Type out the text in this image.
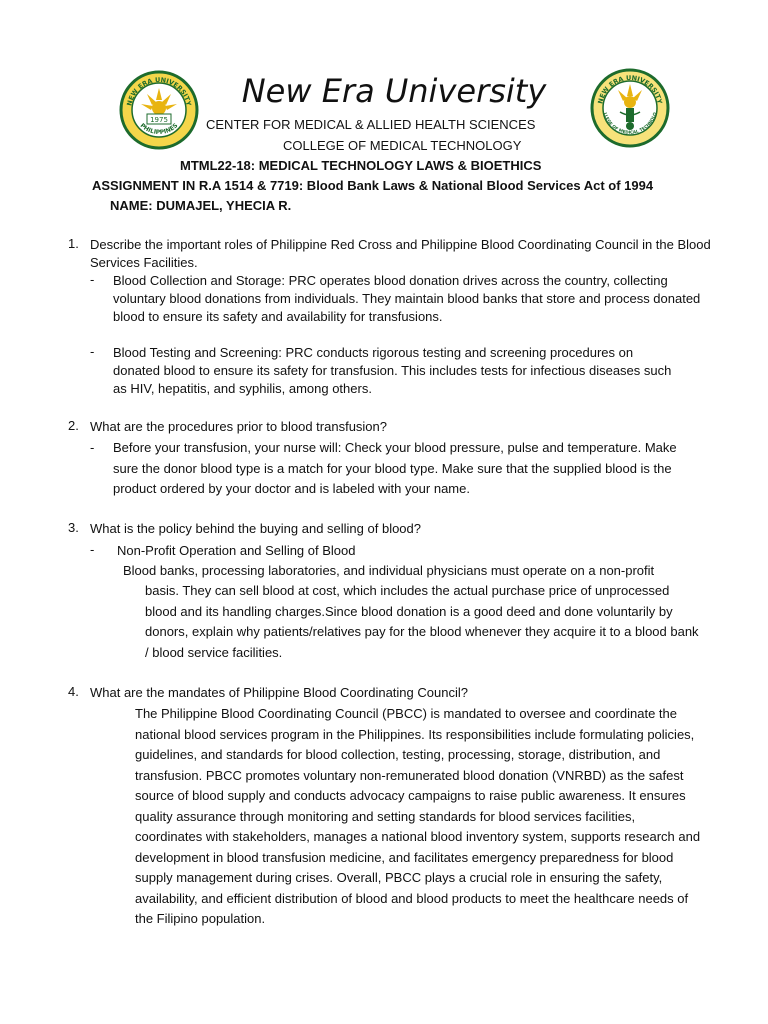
1975
NEW ERA UNIVERSITY
PHILIPPINES
NEW ERA UNIVERSITY
LLEGE OF MEDICAL TECHNOLO
New Era University
CENTER FOR MEDICAL & ALLIED HEALTH SCIENCES
COLLEGE OF MEDICAL TECHNOLOGY
MTML22-18: MEDICAL TECHNOLOGY LAWS & BIOETHICS
ASSIGNMENT IN R.A 1514 & 7719: Blood Bank Laws & National Blood Services Act of 1994
NAME: DUMAJEL, YHECIA R.
1. Describe the important roles of Philippine Red Cross and Philippine Blood Coordinating Council in the Blood Services Facilities.
- Blood Collection and Storage: PRC operates blood donation drives across the country, collecting voluntary blood donations from individuals. They maintain blood banks that store and process donated blood to ensure its safety and availability for transfusions.
- Blood Testing and Screening: PRC conducts rigorous testing and screening procedures on donated blood to ensure its safety for transfusion. This includes tests for infectious diseases such as HIV, hepatitis, and syphilis, among others.
2. What are the procedures prior to blood transfusion?
- Before your transfusion, your nurse will: Check your blood pressure, pulse and temperature. Make sure the donor blood type is a match for your blood type. Make sure that the supplied blood is the product ordered by your doctor and is labeled with your name.
3. What is the policy behind the buying and selling of blood?
- Non-Profit Operation and Selling of Blood
Blood banks, processing laboratories, and individual physicians must operate on a non-profit
basis. They can sell blood at cost, which includes the actual purchase price of unprocessed blood and its handling charges.Since blood donation is a good deed and done voluntarily by donors, explain why patients/relatives pay for the blood whenever they acquire it to a blood bank / blood service facilities.
4. What are the mandates of Philippine Blood Coordinating Council?
The Philippine Blood Coordinating Council (PBCC) is mandated to oversee and coordinate the national blood services program in the Philippines. Its responsibilities include formulating policies, guidelines, and standards for blood collection, testing, processing, storage, distribution, and transfusion. PBCC promotes voluntary non-remunerated blood donation (VNRBD) as the safest source of blood supply and conducts advocacy campaigns to raise public awareness. It ensures quality assurance through monitoring and setting standards for blood services facilities, coordinates with stakeholders, manages a national blood inventory system, supports research and development in blood transfusion medicine, and facilitates emergency preparedness for blood supply management during crises. Overall, PBCC plays a crucial role in ensuring the safety, availability, and efficient distribution of blood and blood products to meet the healthcare needs of the Filipino population.
